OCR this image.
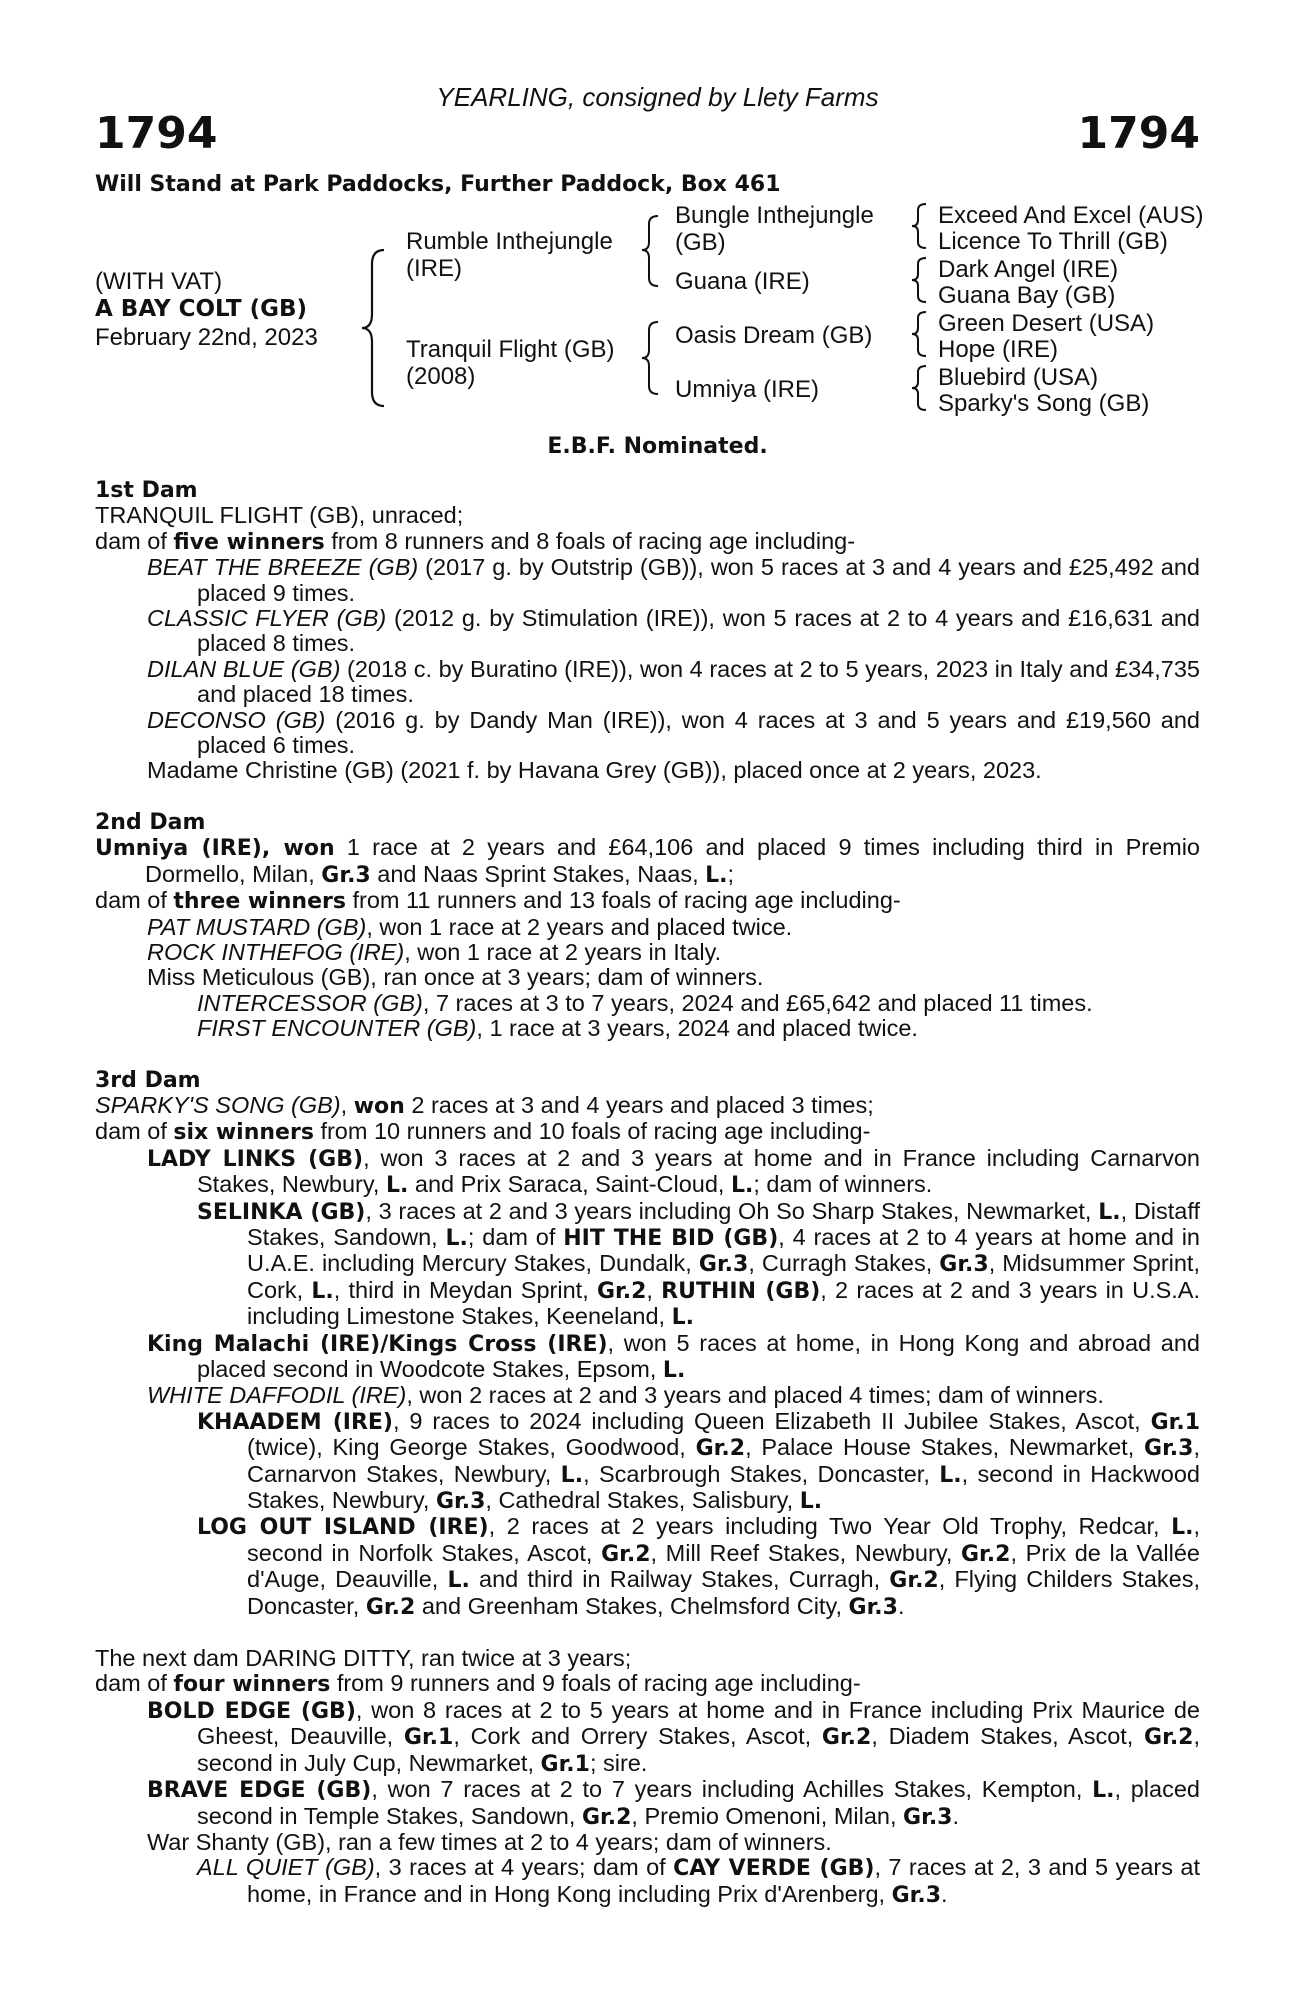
YEARLING, consigned by Llety Farms
1794	1794
Will Stand at Park Paddocks, Further Paddock, Box 461
(WITH VAT)
A BAY COLT (GB)
February 22nd, 2023
Rumble Inthejungle
(IRE)
Tranquil Flight (GB)
(2008)
Bungle Inthejungle
(GB)
Guana (IRE)
Oasis Dream (GB)
Umniya (IRE)
Exceed And Excel (AUS)
Licence To Thrill (GB)
Dark Angel (IRE)
Guana Bay (GB)
Green Desert (USA)
Hope (IRE)
Bluebird (USA)
Sparky's Song (GB)
E.B.F. Nominated.

1st Dam

TRANQUIL FLIGHT (GB), unraced;

dam of five winners from 8 runners and 8 foals of racing age including-

BEAT THE BREEZE (GB) (2017 g. by Outstrip (GB)), won 5 races at 3 and 4 years and £25,492 and placed 9 times.

CLASSIC FLYER (GB) (2012 g. by Stimulation (IRE)), won 5 races at 2 to 4 years and £16,631 and placed 8 times.

DILAN BLUE (GB) (2018 c. by Buratino (IRE)), won 4 races at 2 to 5 years, 2023 in Italy and £34,735 and placed 18 times.

DECONSO (GB) (2016 g. by Dandy Man (IRE)), won 4 races at 3 and 5 years and £19,560 and placed 6 times.

Madame Christine (GB) (2021 f. by Havana Grey (GB)), placed once at 2 years, 2023.

2nd Dam

Umniya (IRE), won 1 race at 2 years and £64,106 and placed 9 times including third in Premio Dormello, Milan, Gr.3 and Naas Sprint Stakes, Naas, L.;

dam of three winners from 11 runners and 13 foals of racing age including-

PAT MUSTARD (GB), won 1 race at 2 years and placed twice.

ROCK INTHEFOG (IRE), won 1 race at 2 years in Italy.

Miss Meticulous (GB), ran once at 3 years; dam of winners.

INTERCESSOR (GB), 7 races at 3 to 7 years, 2024 and £65,642 and placed 11 times.

FIRST ENCOUNTER (GB), 1 race at 3 years, 2024 and placed twice.

3rd Dam

SPARKY'S SONG (GB), won 2 races at 3 and 4 years and placed 3 times;

dam of six winners from 10 runners and 10 foals of racing age including-

LADY LINKS (GB), won 3 races at 2 and 3 years at home and in France including Carnarvon Stakes, Newbury, L. and Prix Saraca, Saint-Cloud, L.; dam of winners.

SELINKA (GB), 3 races at 2 and 3 years including Oh So Sharp Stakes, Newmarket, L., Distaff Stakes, Sandown, L.; dam of HIT THE BID (GB), 4 races at 2 to 4 years at home and in U.A.E. including Mercury Stakes, Dundalk, Gr.3, Curragh Stakes, Gr.3, Midsummer Sprint, Cork, L., third in Meydan Sprint, Gr.2, RUTHIN (GB), 2 races at 2 and 3 years in U.S.A. including Limestone Stakes, Keeneland, L.

King Malachi (IRE)/Kings Cross (IRE), won 5 races at home, in Hong Kong and abroad and placed second in Woodcote Stakes, Epsom, L.

WHITE DAFFODIL (IRE), won 2 races at 2 and 3 years and placed 4 times; dam of winners.

KHAADEM (IRE), 9 races to 2024 including Queen Elizabeth II Jubilee Stakes, Ascot, Gr.1 (twice), King George Stakes, Goodwood, Gr.2, Palace House Stakes, Newmarket, Gr.3, Carnarvon Stakes, Newbury, L., Scarbrough Stakes, Doncaster, L., second in Hackwood Stakes, Newbury, Gr.3, Cathedral Stakes, Salisbury, L.

LOG OUT ISLAND (IRE), 2 races at 2 years including Two Year Old Trophy, Redcar, L., second in Norfolk Stakes, Ascot, Gr.2, Mill Reef Stakes, Newbury, Gr.2, Prix de la Vallée d'Auge, Deauville, L. and third in Railway Stakes, Curragh, Gr.2, Flying Childers Stakes, Doncaster, Gr.2 and Greenham Stakes, Chelmsford City, Gr.3.

The next dam DARING DITTY, ran twice at 3 years;

dam of four winners from 9 runners and 9 foals of racing age including-

BOLD EDGE (GB), won 8 races at 2 to 5 years at home and in France including Prix Maurice de Gheest, Deauville, Gr.1, Cork and Orrery Stakes, Ascot, Gr.2, Diadem Stakes, Ascot, Gr.2, second in July Cup, Newmarket, Gr.1; sire.

BRAVE EDGE (GB), won 7 races at 2 to 7 years including Achilles Stakes, Kempton, L., placed second in Temple Stakes, Sandown, Gr.2, Premio Omenoni, Milan, Gr.3.

War Shanty (GB), ran a few times at 2 to 4 years; dam of winners.

ALL QUIET (GB), 3 races at 4 years; dam of CAY VERDE (GB), 7 races at 2, 3 and 5 years at home, in France and in Hong Kong including Prix d'Arenberg, Gr.3.
